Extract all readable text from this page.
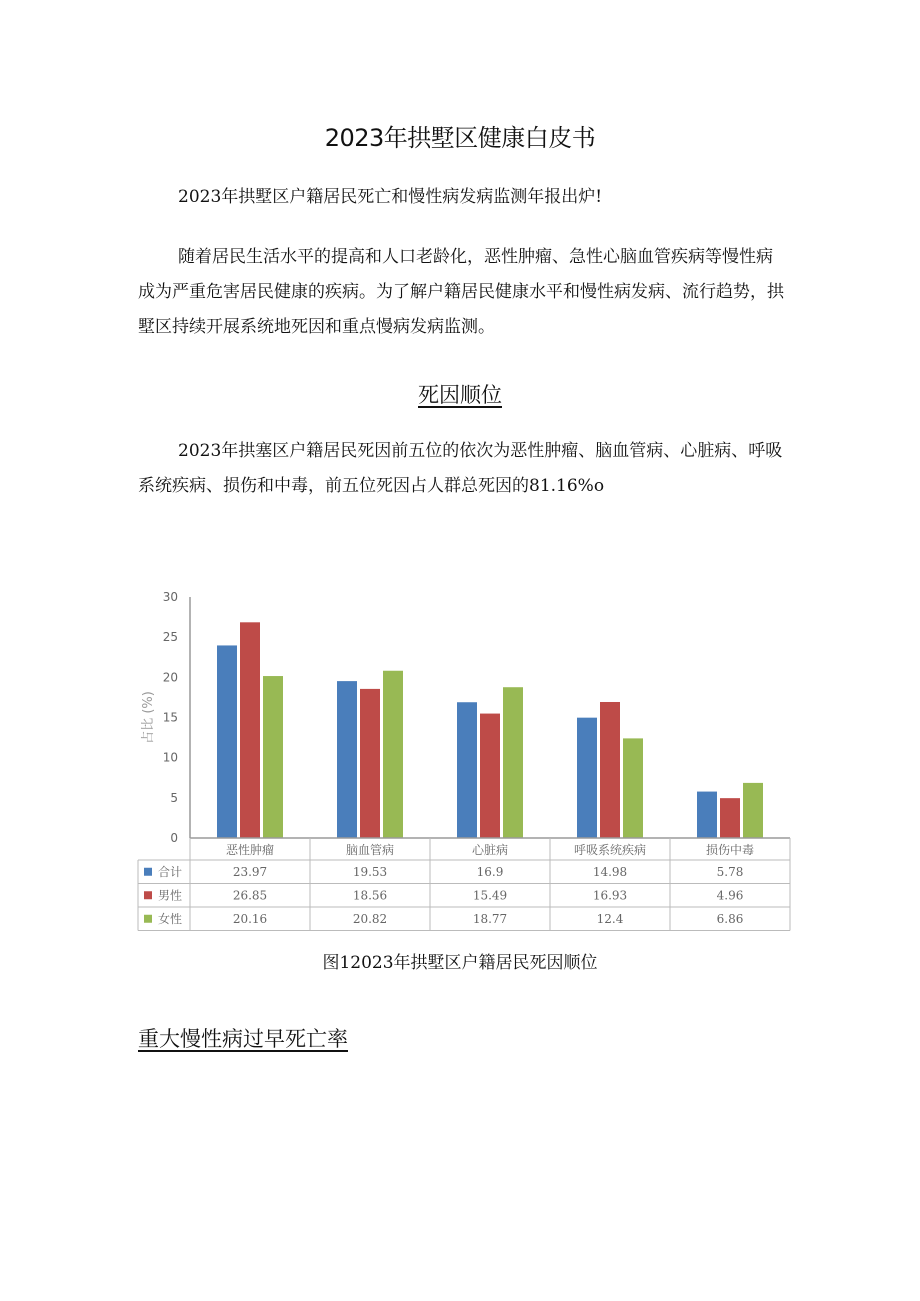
2023年拱墅区健康白皮书
2023年拱墅区户籍居民死亡和慢性病发病监测年报出炉!
随着居民生活水平的提高和人口老龄化，恶性肿瘤、急性心脑血管疾病等慢性病成为严重危害居民健康的疾病。为了解户籍居民健康水平和慢性病发病、流行趋势，拱墅区持续开展系统地死因和重点慢病发病监测。
死因顺位
2023年拱塞区户籍居民死因前五位的依次为恶性肿瘤、脑血管病、心脏病、呼吸系统疾病、损伤和中毒，前五位死因占人群总死因的81.16%o
0
5
10
15
20
25
30
占比 (%)
恶性肿瘤	脑血管病	心脏病	呼吸系统疾病	损伤中毒
合计	23.97	19.53	16.9	14.98	5.78
男性	26.85	18.56	15.49	16.93	4.96
女性	20.16	20.82	18.77	12.4	6.86
图12023年拱墅区户籍居民死因顺位
重大慢性病过早死亡率
